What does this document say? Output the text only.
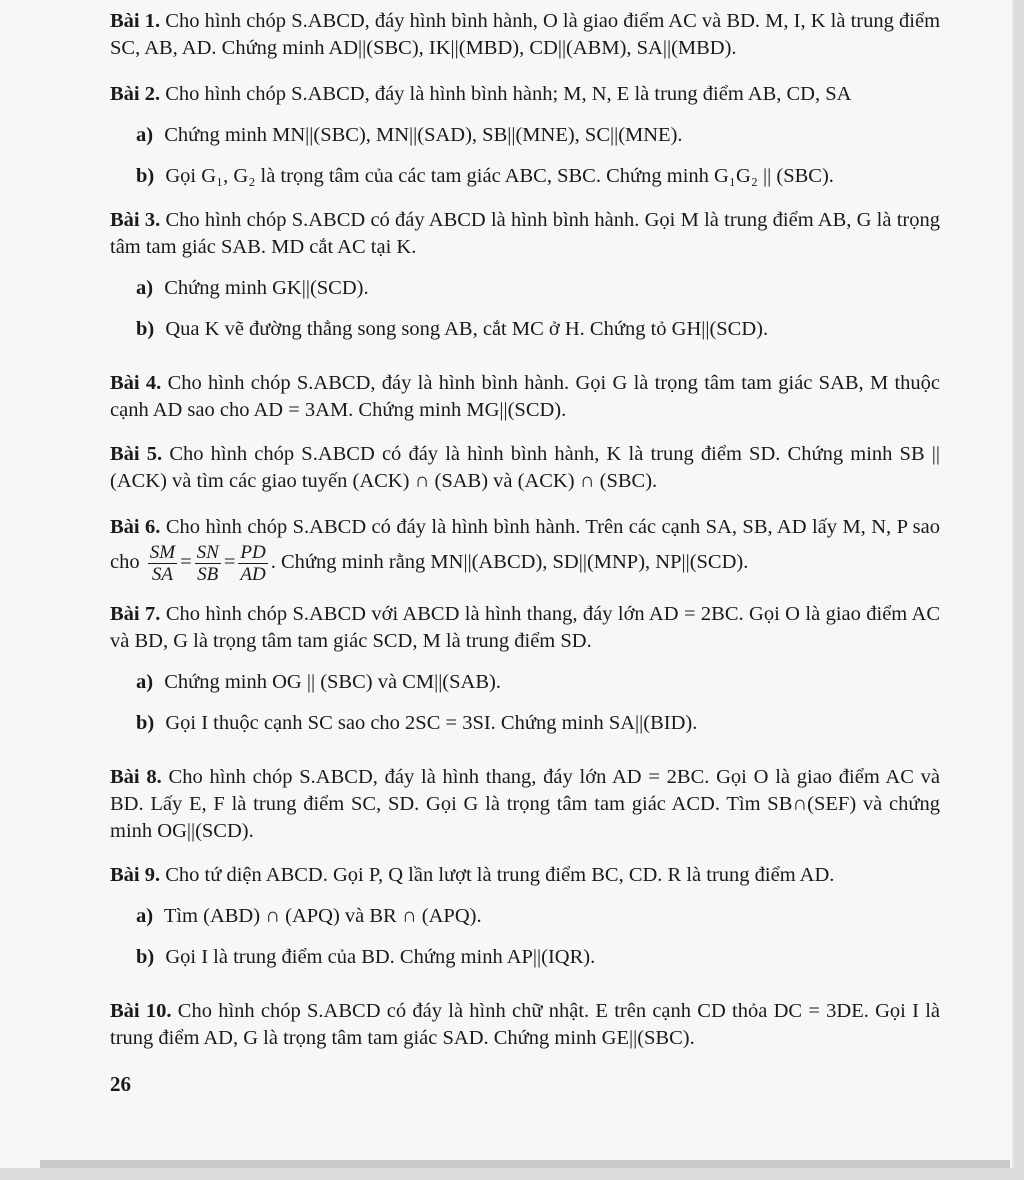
Bài 1. Cho hình chóp S.ABCD, đáy hình bình hành, O là giao điểm AC và BD. M, I, K là trung điểm SC, AB, AD. Chứng minh AD||(SBC), IK||(MBD), CD||(ABM), SA||(MBD).

Bài 2. Cho hình chóp S.ABCD, đáy là hình bình hành; M, N, E là trung điểm AB, CD, SA

a) Chứng minh MN||(SBC), MN||(SAD), SB||(MNE), SC||(MNE).

b) Gọi G₁, G₂ là trọng tâm của các tam giác ABC, SBC. Chứng minh G₁G₂ || (SBC).

Bài 3. Cho hình chóp S.ABCD có đáy ABCD là hình bình hành. Gọi M là trung điểm AB, G là trọng tâm tam giác SAB. MD cắt AC tại K.

a) Chứng minh GK||(SCD).

b) Qua K vẽ đường thẳng song song AB, cắt MC ở H. Chứng tỏ GH||(SCD).

Bài 4. Cho hình chóp S.ABCD, đáy là hình bình hành. Gọi G là trọng tâm tam giác SAB, M thuộc cạnh AD sao cho AD = 3AM. Chứng minh MG||(SCD).

Bài 5. Cho hình chóp S.ABCD có đáy là hình bình hành, K là trung điểm SD. Chứng minh SB || (ACK) và tìm các giao tuyến (ACK) ∩ (SAB) và (ACK) ∩ (SBC).

Bài 6. Cho hình chóp S.ABCD có đáy là hình bình hành. Trên các cạnh SA, SB, AD lấy M, N, P sao cho $\frac{SM}{SA} = \frac{SN}{SB} = \frac{PD}{AD}$ . Chứng minh rằng MN||(ABCD), SD||(MNP), NP||(SCD).

Bài 7. Cho hình chóp S.ABCD với ABCD là hình thang, đáy lớn AD = 2BC. Gọi O là giao điểm AC và BD, G là trọng tâm tam giác SCD, M là trung điểm SD.

a) Chứng minh OG || (SBC) và CM||(SAB).

b) Gọi I thuộc cạnh SC sao cho 2SC = 3SI. Chứng minh SA||(BID).

Bài 8. Cho hình chóp S.ABCD, đáy là hình thang, đáy lớn AD = 2BC. Gọi O là giao điểm AC và BD. Lấy E, F là trung điểm SC, SD. Gọi G là trọng tâm tam giác ACD. Tìm SB∩(SEF) và chứng minh OG||(SCD).

Bài 9. Cho tứ diện ABCD. Gọi P, Q lần lượt là trung điểm BC, CD. R là trung điểm AD.

a) Tìm (ABD) ∩ (APQ) và BR ∩ (APQ).

b) Gọi I là trung điểm của BD. Chứng minh AP||(IQR).

Bài 10. Cho hình chóp S.ABCD có đáy là hình chữ nhật. E trên cạnh CD thỏa DC = 3DE. Gọi I là trung điểm AD, G là trọng tâm tam giác SAD. Chứng minh GE||(SBC).

26
